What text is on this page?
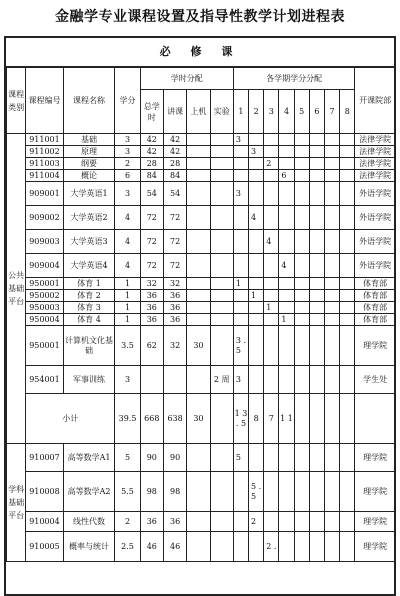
金融学专业课程设置及指导性教学计划进程表
必 修 课
课程类别	课程编号	课程名称	学分	学时分配				各学期学分分配								开课院部
				总学时	讲课	上机	实验	1	2	3	4	5	6	7	8	
公共基础平台	911001	基础	3	42	42			3								法律学院
	911002	原理	3	42	42				3							法律学院
	911003	纲要	2	28	28					2						法律学院
	911004	概论	6	84	84						6					法律学院
	909001	大学英语1	3	54	54			3								外语学院
	909002	大学英语2	4	72	72				4							外语学院
	909003	大学英语3	4	72	72					4						外语学院
	909004	大学英语4	4	72	72						4					外语学院
	950001	体育 1	1	32	32			1								体育部
	950002	体育 2	1	36	36				1							体育部
	950003	体育 3	1	36	36					1						体育部
	950004	体育 4	1	36	36						1					体育部
	950001	计算机文化基础	3.5	62	32	30		3 . 5								理学院
	954001	军事训练	3				2 周	3								学生处
	小计		39.5	668	638	30		1 3 . 5	8	7	1 1					
学科基础平台	910007	高等数学A1	5	90	90			5								理学院
	910008	高等数学A2	5.5	98	98				5 . 5							理学院
	910004	线性代数	2	36	36				2							理学院
	910005	概率与统计	2.5	46	46					2 .						理学院
